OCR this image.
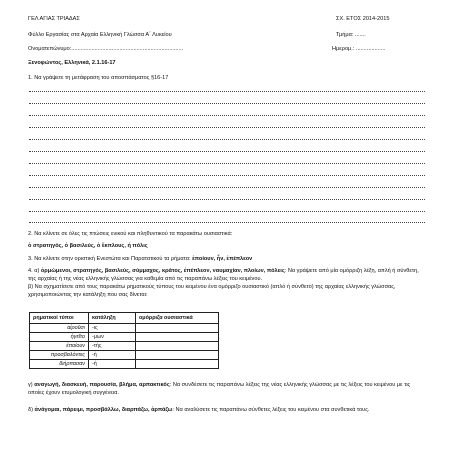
ΓΕΛ ΑΓΙΑΣ ΤΡΙΑΔΑΣ	ΣΧ. ΕΤΟΣ 2014-2015
Φύλλο Εργασίας στα Αρχαία Ελληνική Γλώσσα Α΄ Λυκείου	Τμήμα: .......
Ονοματεπώνυμο:........................................................................	Ημερομ.: ...................
Ξενοφώντος, Ελληνικά, 2.1.16-17
1. Να γράψετε τη μετάφραση του αποσπάσματος §16-17
2. Να κλίνετε σε όλες τις πτώσεις ενικού και πληθυντικού τα παρακάτω ουσιαστικά:
ὁ στρατηγός, ὁ βασιλεύς, ὁ ἔκπλους, ἡ πόλις
3. Να κλίνετε στην οριστική Ενεστώτα και Παρατατικού τα ρήματα: ἐποίουν, ἦν, ἐπέπλεον
4. α) ὁρμώμενοι, στρατηγός, βασιλεύς, σύμμαχος, κράτος, ἐπέπλεον, ναυμαχίαν, πλοίων, πόλεις: Να γράψετε από μία ομόρριζη λέξη, απλή ή σύνθετη, της αρχαίας ή της νέας ελληνικής γλώσσας για καθεμία από τις παραπάνω λέξεις του κειμένου.
β) Να σχηματίσετε από τους παρακάτω ρηματικούς τύπους του κειμένου ένα ομόρριζο ουσιαστικό (απλό ή σύνθετο) της αρχαίας ελληνικής γλώσσας, χρησιμοποιώντας την κατάληξη που σας δίνεται:
ρηματικοί τύποι	κατάληξη	ομόρριζα ουσιαστικά
αἱροῦσι	-ις	
ἡγεῖτο	-μων	
ἐποίουν	-τής	
προσβαλόντες	-ή	
διήρπασαν	-ή	
γ) αναγωγή, διασκευή, παρουσία, βλήμα, αρπακτικός: Να συνδέσετε τις παραπάνω λέξεις της νέας ελληνικής γλώσσας με τις λέξεις του κειμένου με τις οποίες έχουν ετυμολογική συγγένεια.
δ) ἀνάγομαι, πάρειμι, προσβάλλω, διαρπάζω, ἁρπάζω: Να αναλύσετε τις παραπάνω σύνθετες λέξεις του κειμένου στα συνθετικά τους.
